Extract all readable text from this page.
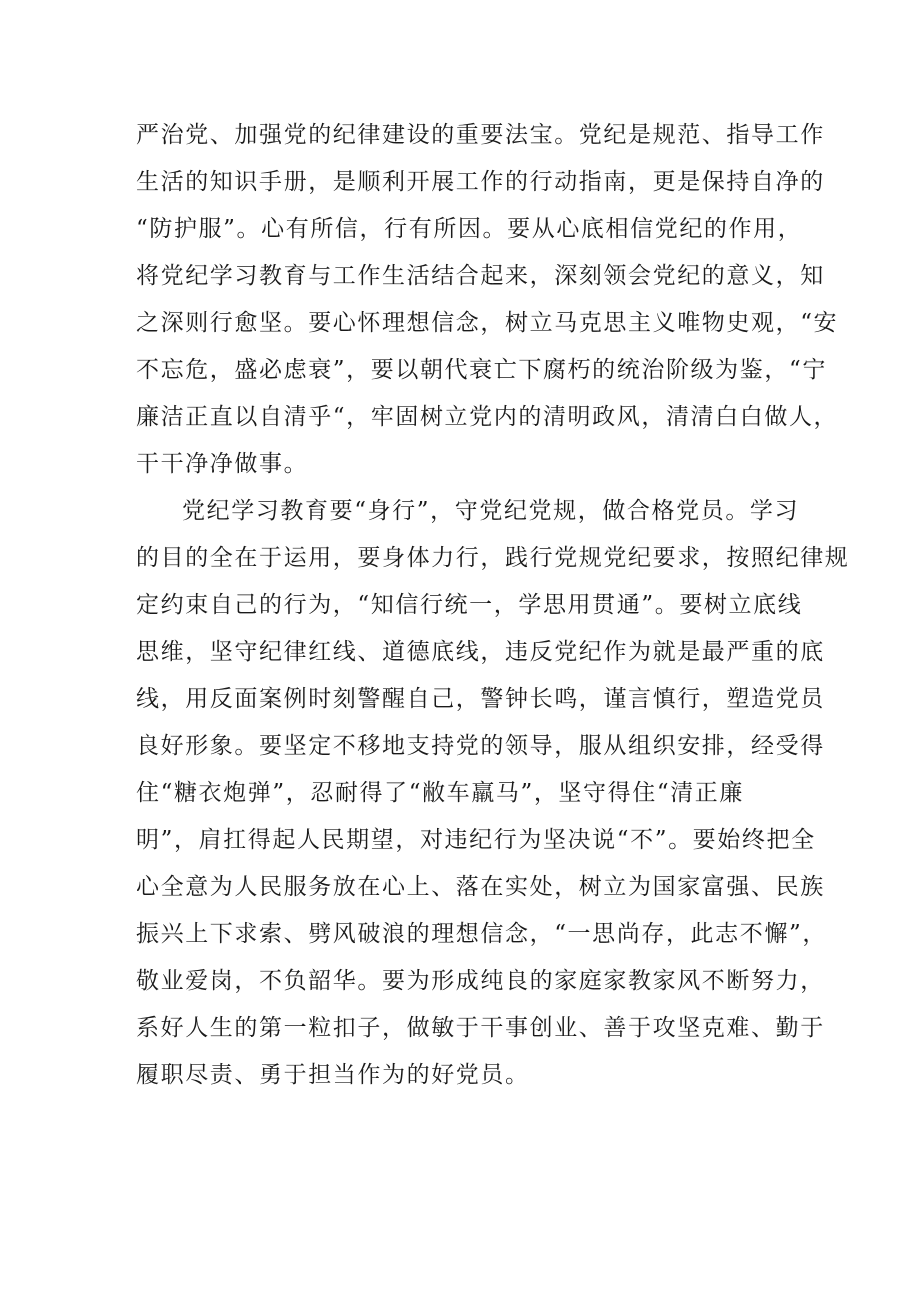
严治党、加强党的纪律建设的重要法宝。党纪是规范、指导工作
生活的知识手册，是顺利开展工作的行动指南，更是保持自净的
“防护服”。心有所信，行有所因。要从心底相信党纪的作用，
将党纪学习教育与工作生活结合起来，深刻领会党纪的意义，知
之深则行愈坚。要心怀理想信念，树立马克思主义唯物史观，“安
不忘危，盛必虑衰”，要以朝代衰亡下腐朽的统治阶级为鉴，“宁
廉洁正直以自清乎“，牢固树立党内的清明政风，清清白白做人，
干干净净做事。
党纪学习教育要“身行”，守党纪党规，做合格党员。学习
的目的全在于运用，要身体力行，践行党规党纪要求，按照纪律规
定约束自己的行为，“知信行统一，学思用贯通”。要树立底线
思维，坚守纪律红线、道德底线，违反党纪作为就是最严重的底
线，用反面案例时刻警醒自己，警钟长鸣，谨言慎行，塑造党员
良好形象。要坚定不移地支持党的领导，服从组织安排，经受得
住“糖衣炮弹”，忍耐得了“敝车羸马”，坚守得住“清正廉
明”，肩扛得起人民期望，对违纪行为坚决说“不”。要始终把全
心全意为人民服务放在心上、落在实处，树立为国家富强、民族
振兴上下求索、劈风破浪的理想信念，“一思尚存，此志不懈”，
敬业爱岗，不负韶华。要为形成纯良的家庭家教家风不断努力，
系好人生的第一粒扣子，做敏于干事创业、善于攻坚克难、勤于
履职尽责、勇于担当作为的好党员。
